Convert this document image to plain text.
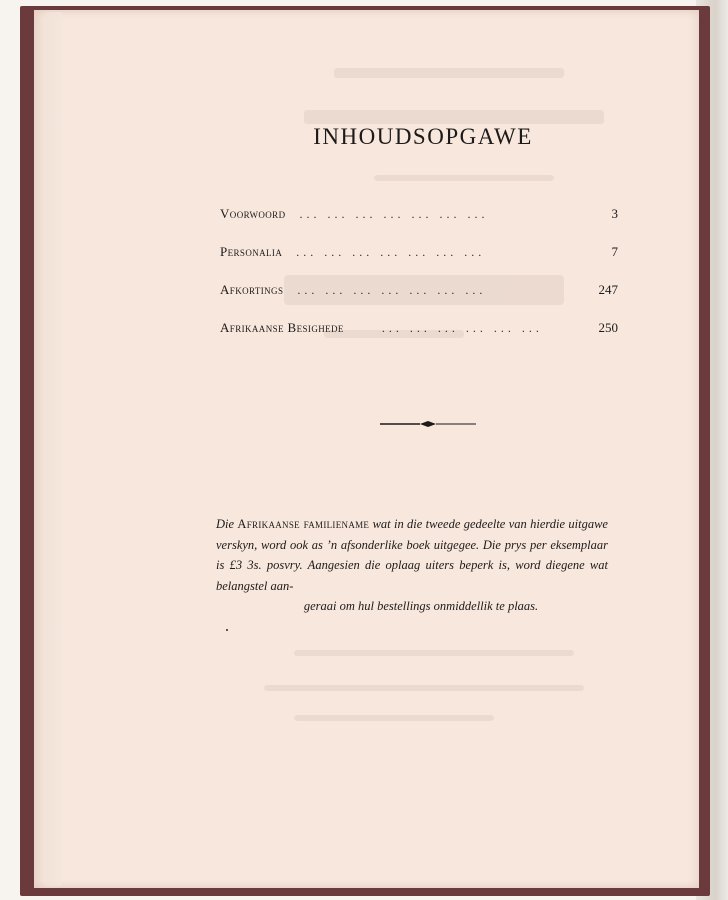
INHOUDSOPGAWE
Voorwoord	... ... ... ... ... ... ...	3
Personalia	... ... ... ... ... ... ...	7
Afkortings	... ... ... ... ... ... ...	247
Afrikaanse Besighede	... ... ... ... ... ...	250

Die Afrikaanse familiename wat in die tweede gedeelte van hierdie uitgawe verskyn, word ook as ’n afsonderlike boek uitgegee. Die prys per eksemplaar is £3 3s. posvry. Aangesien die oplaag uiters beperk is, word diegene wat belangstel aan-
geraai om hul bestellings onmiddellik te plaas.
